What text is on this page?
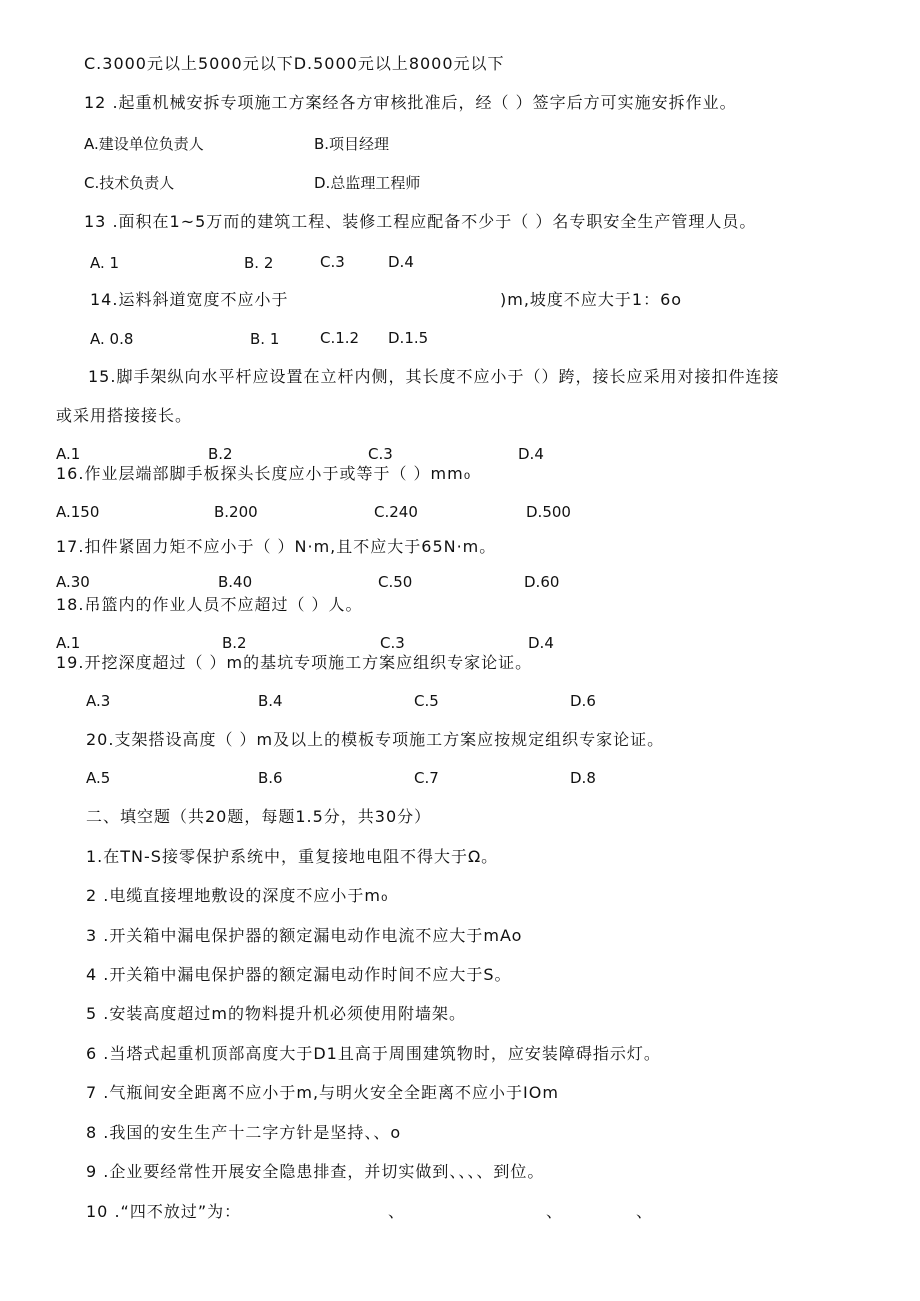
C.3000元以上5000元以下D.5000元以上8000元以下
12 .起重机械安拆专项施工方案经各方审核批准后，经（ ）签字后方可实施安拆作业。
A.建设单位负责人	B.项目经理
C.技术负责人	D.总监理工程师
13 .面积在1~5万而的建筑工程、装修工程应配备不少于（ ）名专职安全生产管理人员。
A. 1	B. 2	C.3	D.4
14.运料斜道宽度不应小于	)m,坡度不应大于1：6o
A. 0.8	B. 1	C.1.2 D.1.5
15.脚手架纵向水平杆应设置在立杆内侧，其长度不应小于（）跨，接长应采用对接扣件连接
或采用搭接接长。
A.1	B.2	C.3	D.4
16.作业层端部脚手板探头长度应小于或等于（ ）mm₀
A.150	B.200	C.240	D.500
17.扣件紧固力矩不应小于（ ）N·m,且不应大于65N·m。
A.30	B.40	C.50	D.60
18.吊篮内的作业人员不应超过（ ）人。
A.1	B.2	C.3	D.4
19.开挖深度超过（ ）m的基坑专项施工方案应组织专家论证。
A.3	B.4	C.5	D.6
20.支架搭设高度（ ）m及以上的模板专项施工方案应按规定组织专家论证。
A.5	B.6	C.7	D.8
二、填空题（共20题，每题1.5分，共30分）
1.在TN-S接零保护系统中，重复接地电阻不得大于Ω。
2 .电缆直接埋地敷设的深度不应小于m₀
3 .开关箱中漏电保护器的额定漏电动作电流不应大于mAo
4 .开关箱中漏电保护器的额定漏电动作时间不应大于S。
5 .安装高度超过m的物料提升机必须使用附墙架。
6 .当塔式起重机顶部高度大于D1且高于周围建筑物时，应安装障碍指示灯。
7 .气瓶间安全距离不应小于m,与明火安全全距离不应小于IOm
8 .我国的安生生产十二字方针是坚持、、o
9 .企业要经常性开展安全隐患排查，并切实做到、、、、到位。
10 .“四不放过”为：	、	、	、
